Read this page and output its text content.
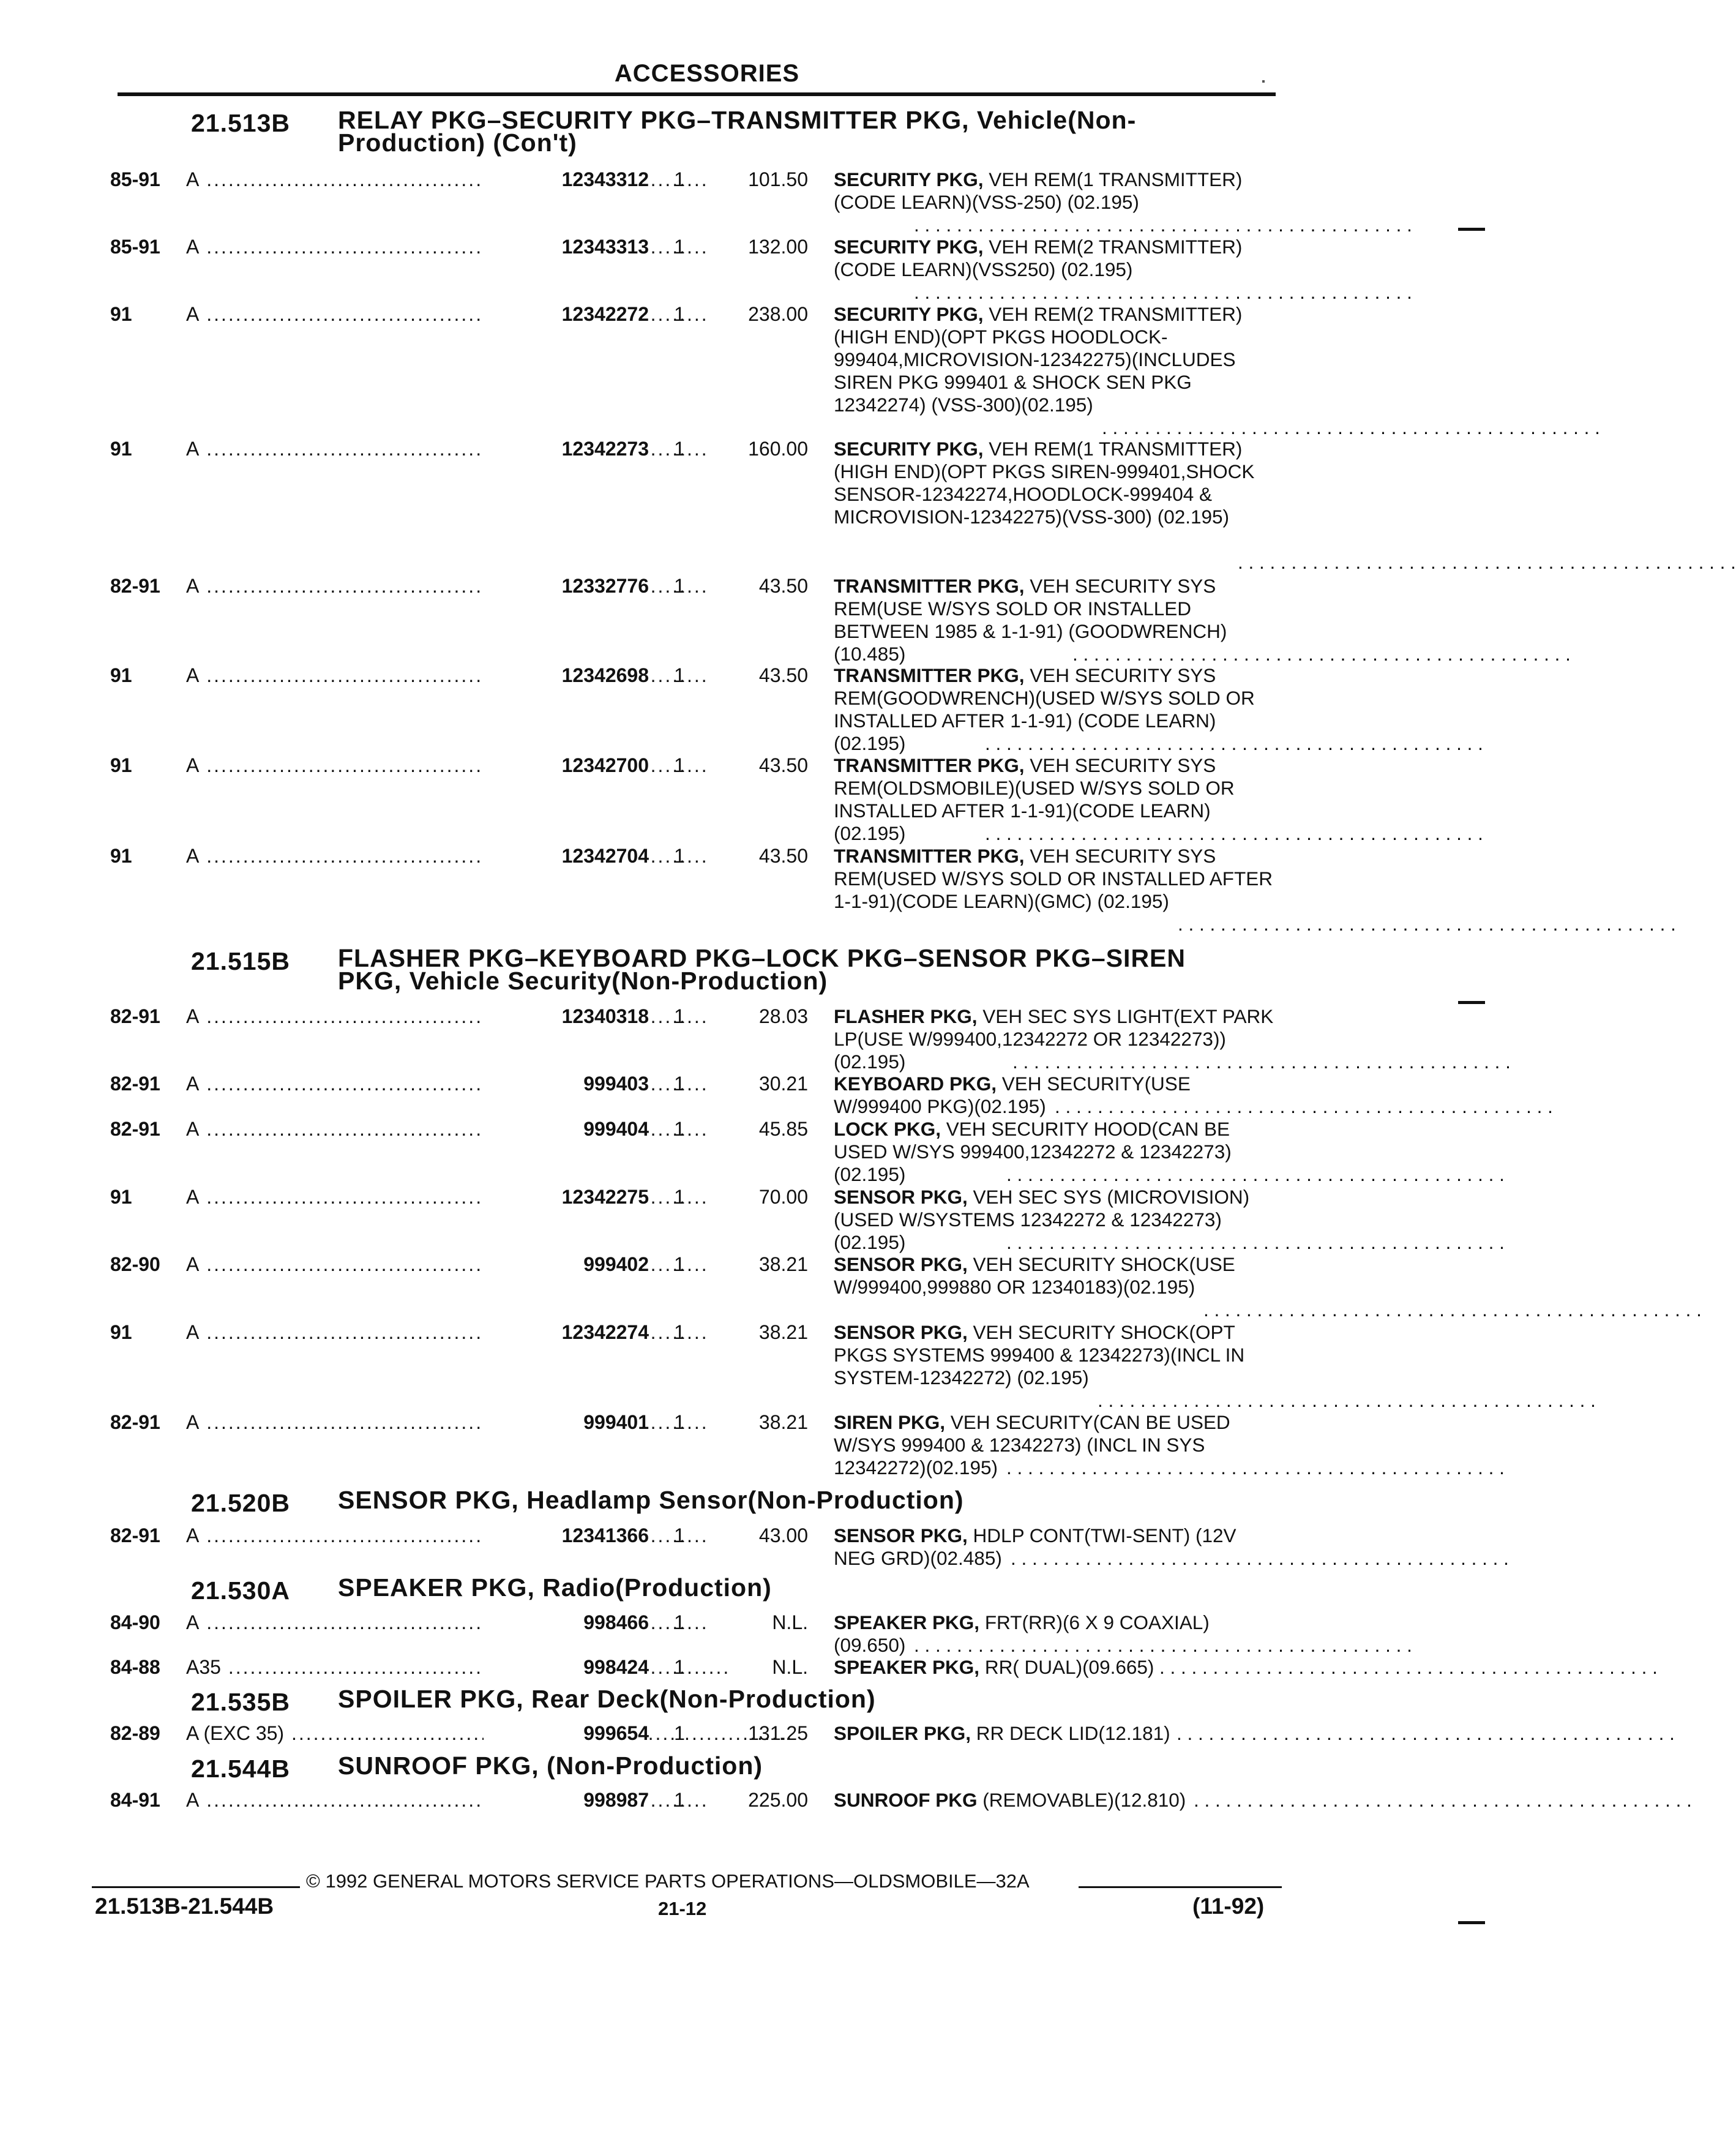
ACCESSORIES
21.513B RELAY PKG–SECURITY PKG–TRANSMITTER PKG, Vehicle(Non-Production) (Con't)
85-91 A .....	12343312	1	101.50 SECURITY PKG, VEH REM(1 TRANSMITTER)(CODE LEARN)(VSS-250) (02.195)
. . . . . . . . . . . . . . . . . . . . . . . . . . . . . . . . . . . . . . . . . . . . . . .
85-91 A .....	12343313	1	132.00 SECURITY PKG, VEH REM(2 TRANSMITTER)(CODE LEARN)(VSS250) (02.195)
. . . . . . . . . . . . . . . . . . . . . . . . . . . . . . . . . . . . . . . . . . . . . . .
91	A .....	12342272	1	238.00 SECURITY PKG, VEH REM(2 TRANSMITTER)(HIGH END)(OPT PKGS HOODLOCK-999404,MICROVISION-12342275)(INCLUDES SIREN PKG 999401 & SHOCK SEN PKG 12342274) (VSS-300)(02.195)
. . . . . . . . . . . . . . . . . . . . . . . . . . . . . . . . . . . . . . . . . . . . . . .
91	A .....	12342273	1	160.00 SECURITY PKG, VEH REM(1 TRANSMITTER)(HIGH END)(OPT PKGS SIREN-999401,SHOCK SENSOR-12342274,HOODLOCK-999404 & MICROVISION-12342275)(VSS-300) (02.195)
. . . . . . . . . . . . . . . . . . . . . . . . . . . . . . . . . . . . . . . . . . . . . . .
82-91 A .....	12332776	1	43.50 TRANSMITTER PKG, VEH SECURITY SYS REM(USE W/SYS SOLD OR INSTALLED BETWEEN 1985 & 1-1-91) (GOODWRENCH)(10.485)	. . . . . . . . . . . . . . . . . . . . . . . . . . . . . . . . . . . . . . . . . . . . . . .
91	A .....	12342698	1	43.50 TRANSMITTER PKG, VEH SECURITY SYS REM(GOODWRENCH)(USED W/SYS SOLD OR INSTALLED AFTER 1-1-91) (CODE LEARN)(02.195)	. . . . . . . . . . . . . . . . . . . . . . . . . . . . . . . . . . . . . . . . . . . . . . .
91	A .....	12342700	1	43.50 TRANSMITTER PKG, VEH SECURITY SYS REM(OLDSMOBILE)(USED W/SYS SOLD OR INSTALLED AFTER 1-1-91)(CODE LEARN)(02.195)	. . . . . . . . . . . . . . . . . . . . . . . . . . . . . . . . . . . . . . . . . . . . . . .
91	A .....	12342704	1	43.50 TRANSMITTER PKG, VEH SECURITY SYS REM(USED W/SYS SOLD OR INSTALLED AFTER 1-1-91)(CODE LEARN)(GMC) (02.195)
. . . . . . . . . . . . . . . . . . . . . . . . . . . . . . . . . . . . . . . . . . . . . . .
21.515B FLASHER PKG–KEYBOARD PKG–LOCK PKG–SENSOR PKG–SIREN PKG, Vehicle Security(Non-Production)
82-91 A .....	12340318	1	28.03 FLASHER PKG, VEH SEC SYS LIGHT(EXT PARK LP(USE W/999400,12342272 OR 12342273))(02.195)	. . . . . . . . . . . . . . . . . . . . . . . . . . . . . . . . . . . . . . . . . . . . . . .
82-91 A .....	999403	1	30.21 KEYBOARD PKG, VEH SECURITY(USE W/999400 PKG)(02.195) . . . . . . . . . . . . . . . . . . . . . . . . . . . . . . . . . . . . . . . . . . . . . . .
82-91 A .....	999404	1	45.85 LOCK PKG, VEH SECURITY HOOD(CAN BE USED W/SYS 999400,12342272 & 12342273)(02.195)	. . . . . . . . . . . . . . . . . . . . . . . . . . . . . . . . . . . . . . . . . . . . . . .
91	A .....	12342275	1	70.00 SENSOR PKG, VEH SEC SYS (MICROVISION)(USED W/SYSTEMS 12342272 & 12342273)(02.195)	. . . . . . . . . . . . . . . . . . . . . . . . . . . . . . . . . . . . . . . . . . . . . . .
82-90 A .....	999402	1	38.21 SENSOR PKG, VEH SECURITY SHOCK(USE W/999400,999880 OR 12340183)(02.195)
. . . . . . . . . . . . . . . . . . . . . . . . . . . . . . . . . . . . . . . . . . . . . . .
91	A .....	12342274	1	38.21 SENSOR PKG, VEH SECURITY SHOCK(OPT PKGS SYSTEMS 999400 & 12342273)(INCL IN SYSTEM-12342272) (02.195)
. . . . . . . . . . . . . . . . . . . . . . . . . . . . . . . . . . . . . . . . . . . . . . .
82-91 A .....	999401	1	38.21 SIREN PKG, VEH SECURITY(CAN BE USED W/SYS 999400 & 12342273) (INCL IN SYS 12342272)(02.195) . . . . . . . . . . . . . . . . . . . . . . . . . . . . . . . . . . . . . . . . . . . . . . .
21.520B SENSOR PKG, Headlamp Sensor(Non-Production)
82-91 A .....	12341366	1	43.00 SENSOR PKG, HDLP CONT(TWI-SENT) (12V NEG GRD)(02.485) . . . . . . . . . . . . . . . . . . . . . . . . . . . . . . . . . . . . . . . . . . . . . . .
21.530A SPEAKER PKG, Radio(Production)
84-90 A .....	998466	1	N.L. SPEAKER PKG, FRT(RR)(6 X 9 COAXIAL) (09.650) . . . . . . . . . . . . . . . . . . . . . . . . . . . . . . . . . . . . . . . . . . . . . . .
84-88 A35 .....	998424	1	N.L. SPEAKER PKG, RR( DUAL)(09.665) . . . . . . . . . . . . . . . . . . . . . . . . . . . . . . . . . . . . . . . . . . . . . . .
21.535B SPOILER PKG, Rear Deck(Non-Production)
82-89 A (EXC 35) .....	999654	1	131.25 SPOILER PKG, RR DECK LID(12.181) . . . . . . . . . . . . . . . . . . . . . . . . . . . . . . . . . . . . . . . . . . . . . . .
21.544B SUNROOF PKG, (Non-Production)
84-91 A .....	998987	1	225.00 SUNROOF PKG (REMOVABLE)(12.810) . . . . . . . . . . . . . . . . . . . . . . . . . . . . . . . . . . . . . . . . . . . . . . .
© 1992 GENERAL MOTORS SERVICE PARTS OPERATIONS—OLDSMOBILE—32A
21.513B-21.544B	21-12	(11-92)
